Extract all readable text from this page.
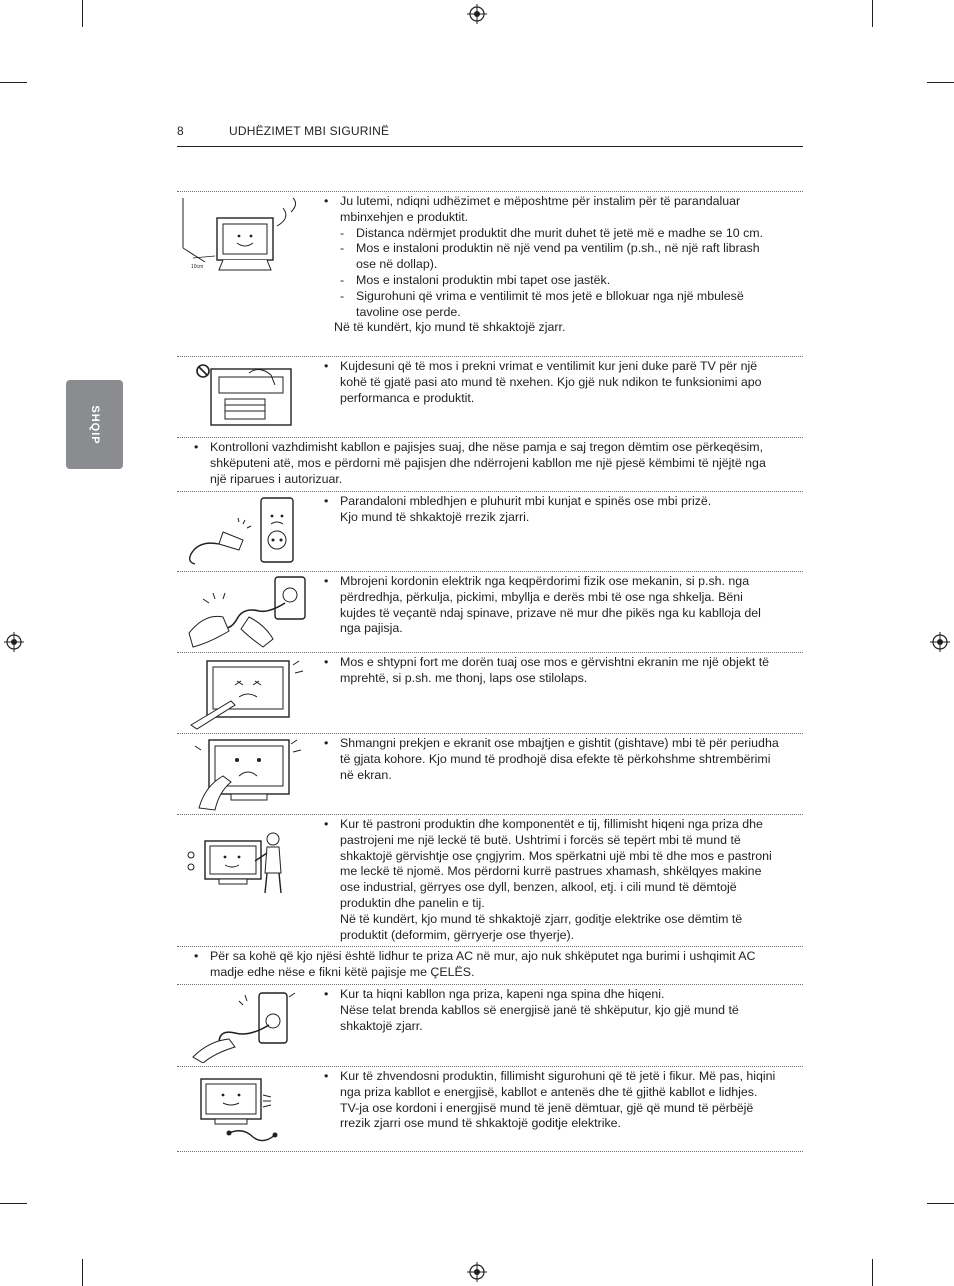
8	UDHËZIMET MBI SIGURINË
SHQIP
10cm
• Ju lutemi, ndiqni udhëzimet e mëposhtme për instalim për të parandaluar mbinxehjen e produktit.
- Distanca ndërmjet produktit dhe murit duhet të jetë më e madhe se 10 cm.
- Mos e instaloni produktin në një vend pa ventilim (p.sh., në një raft librash ose në dollap).
- Mos e instaloni produktin mbi tapet ose jastëk.
- Sigurohuni që vrima e ventilimit të mos jetë e bllokuar nga një mbulesë tavoline ose perde.
Në të kundërt, kjo mund të shkaktojë zjarr.
• Kujdesuni që të mos i prekni vrimat e ventilimit kur jeni duke parë TV për një kohë të gjatë pasi ato mund të nxehen. Kjo gjë nuk ndikon te funksionimi apo performanca e produktit.
• Kontrolloni vazhdimisht kabllon e pajisjes suaj, dhe nëse pamja e saj tregon dëmtim ose përkeqësim, shkëputeni atë, mos e përdorni më pajisjen dhe ndërrojeni kabllon me një pjesë këmbimi të njëjtë nga një riparues i autorizuar.
• Parandaloni mbledhjen e pluhurit mbi kunjat e spinës ose mbi prizë.
Kjo mund të shkaktojë rrezik zjarri.
• Mbrojeni kordonin elektrik nga keqpërdorimi fizik ose mekanin, si p.sh. nga përdredhja, përkulja, pickimi, mbyllja e derës mbi të ose nga shkelja. Bëni kujdes të veçantë ndaj spinave, prizave në mur dhe pikës nga ku kablloja del nga pajisja.
• Mos e shtypni fort me dorën tuaj ose mos e gërvishtni ekranin me një objekt të mprehtë, si p.sh. me thonj, laps ose stilolaps.
• Shmangni prekjen e ekranit ose mbajtjen e gishtit (gishtave) mbi të për periudha të gjata kohore. Kjo mund të prodhojë disa efekte të përkohshme shtrembërimi në ekran.
• Kur të pastroni produktin dhe komponentët e tij, fillimisht hiqeni nga priza dhe pastrojeni me një leckë të butë. Ushtrimi i forcës së tepërt mbi të mund të shkaktojë gërvishtje ose çngjyrim. Mos spërkatni ujë mbi të dhe mos e pastroni me leckë të njomë. Mos përdorni kurrë pastrues xhamash, shkëlqyes makine ose industrial, gërryes ose dyll, benzen, alkool, etj. i cili mund të dëmtojë produktin dhe panelin e tij.
Në të kundërt, kjo mund të shkaktojë zjarr, goditje elektrike ose dëmtim të produktit (deformim, gërryerje ose thyerje).
• Për sa kohë që kjo njësi është lidhur te priza AC në mur, ajo nuk shkëputet nga burimi i ushqimit AC madje edhe nëse e fikni këtë pajisje me ÇELËS.
• Kur ta hiqni kabllon nga priza, kapeni nga spina dhe hiqeni.
Nëse telat brenda kabllos së energjisë janë të shkëputur, kjo gjë mund të shkaktojë zjarr.
• Kur të zhvendosni produktin, fillimisht sigurohuni që të jetë i fikur. Më pas, hiqini nga priza kabllot e energjisë, kabllot e antenës dhe të gjithë kabllot e lidhjes.
TV-ja ose kordoni i energjisë mund të jenë dëmtuar, gjë që mund të përbëjë rrezik zjarri ose mund të shkaktojë goditje elektrike.
